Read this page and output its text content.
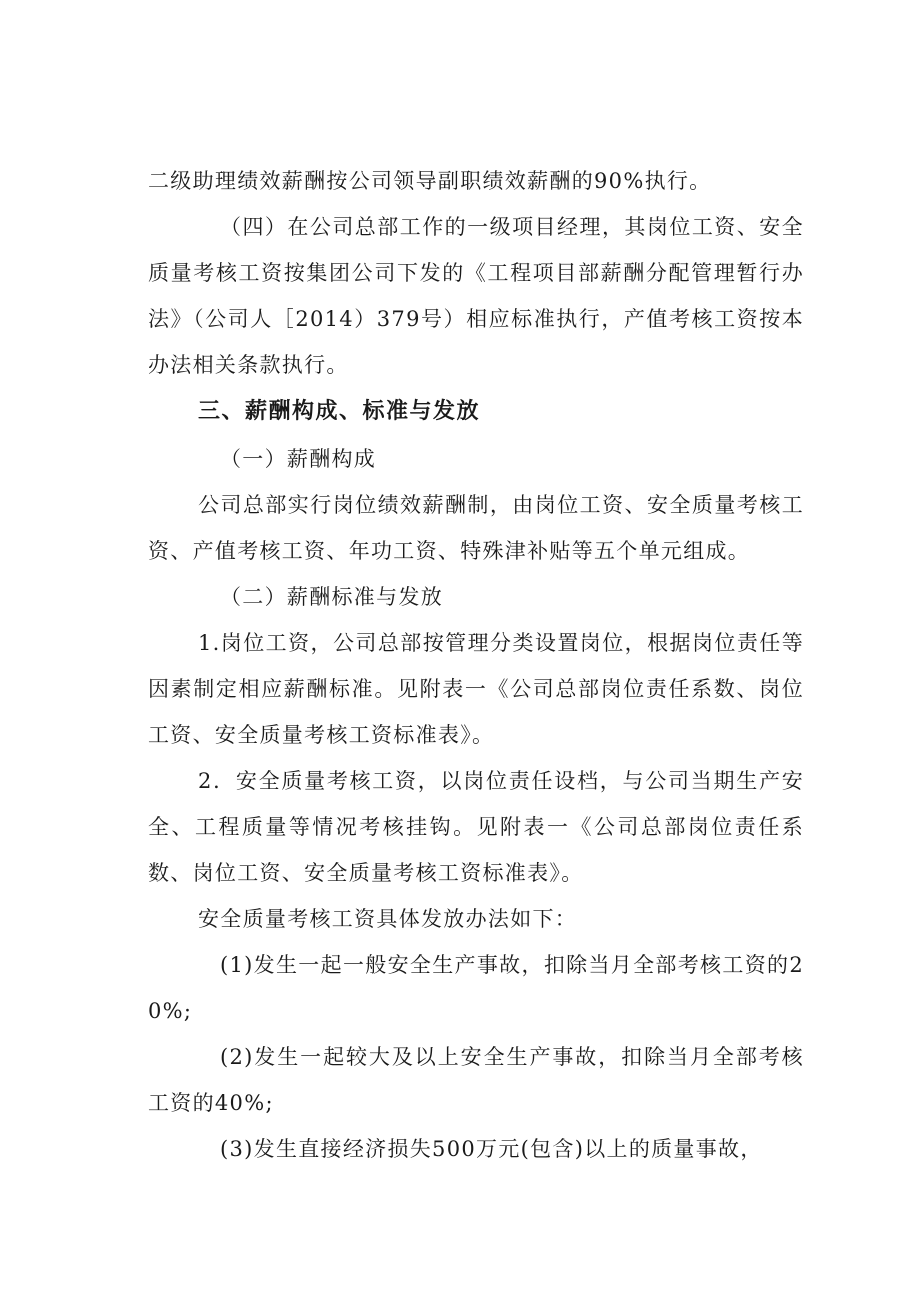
二级助理绩效薪酬按公司领导副职绩效薪酬的90%执行。

（四）在公司总部工作的一级项目经理，其岗位工资、安全质量考核工资按集团公司下发的《工程项目部薪酬分配管理暂行办法》（公司人［2014）379号）相应标准执行，产值考核工资按本办法相关条款执行。

三、薪酬构成、标准与发放

（一）薪酬构成

公司总部实行岗位绩效薪酬制，由岗位工资、安全质量考核工资、产值考核工资、年功工资、特殊津补贴等五个单元组成。

（二）薪酬标准与发放

1.岗位工资，公司总部按管理分类设置岗位，根据岗位责任等因素制定相应薪酬标准。见附表一《公司总部岗位责任系数、岗位工资、安全质量考核工资标准表》。

2．安全质量考核工资，以岗位责任设档，与公司当期生产安全、工程质量等情况考核挂钩。见附表一《公司总部岗位责任系数、岗位工资、安全质量考核工资标准表》。

安全质量考核工资具体发放办法如下：

(1)发生一起一般安全生产事故，扣除当月全部考核工资的20%;

(2)发生一起较大及以上安全生产事故，扣除当月全部考核工资的40%;

(3)发生直接经济损失500万元(包含)以上的质量事故，
